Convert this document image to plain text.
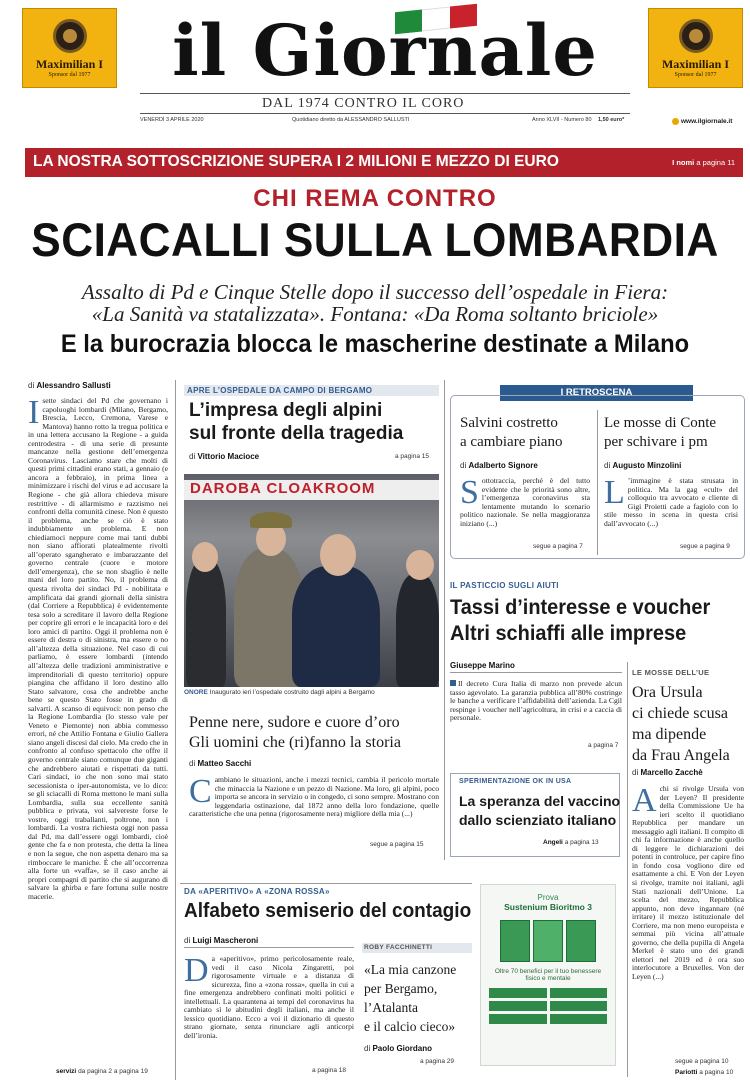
Maximilian I
Sponsor dal 1977
Maximilian I
Sponsor dal 1977
il Giornale
DAL 1974 CONTRO IL CORO
VENERDÌ 3 APRILE 2020	Quotidiano diretto da ALESSANDRO SALLUSTI	Anno XLVII - Numero 80 1,50 euro*	www.ilgiornale.it
LA NOSTRA SOTTOSCRIZIONE SUPERA I 2 MILIONI E MEZZO DI EURO	I nomi a pagina 11
CHI REMA CONTRO
SCIACALLI SULLA LOMBARDIA
Assalto di Pd e Cinque Stelle dopo il successo dell’ospedale in Fiera:
«La Sanità va statalizzata». Fontana: «Da Roma soltanto briciole»
E la burocrazia blocca le mascherine destinate a Milano
di Alessandro Sallusti
Isette sindaci del Pd che governano i capoluoghi lombardi (Milano, Bergamo, Brescia, Lecco, Cremona, Varese e Mantova) hanno rotto la tregua politica e in una lettera accusano la Regione - a guida centrodestra - di una serie di presunte mancanze nella gestione dell’emergenza Coronavirus. Lasciamo stare che molti di questi primi cittadini erano stati, a gennaio (e ancora a febbraio), in prima linea a minimizzare i rischi del virus e ad accusare la Regione - che già allora chiedeva misure restrittive - di allarmismo e razzismo nei confronti della comunità cinese. Non è questo il problema, anche se ciò è stato indubbiamente un problema. E non chiediamoci neppure come mai tanti dubbi non siano affiorati platealmente rivolti all’operato sgangherato e imbarazzante del governo centrale (cuore e motore dell’emergenza), che se non sbaglio è nelle mani del loro partito. No, il problema di questa rivolta dei sindaci Pd - nobilitata e amplificata dai grandi giornali della sinistra (dal Corriere a Repubblica) è evidentemente tesa solo a screditare il lavoro della Regione per coprire gli errori e le incapacità loro e dei loro amici di partito. Oggi il problema non è essere di destra o di sinistra, ma essere o no all’altezza della situazione. Nel caso di cui parliamo, è essere lombardi (intendo all’altezza delle tradizioni amministrative e imprenditoriali di questo territorio) oppure piangina che affidano il loro destino allo Stato salvatore, cosa che andrebbe anche bene se questo Stato fosse in grado di salvarti. A scanso di equivoci: non penso che la Regione Lombardia (lo stesso vale per Veneto e Piemonte) non abbia commesso errori, né che Attilio Fontana e Giulio Gallera siano angeli discesi dal cielo. Ma credo che in confronto al confuso spettacolo che offre il governo centrale siano comunque due giganti che andrebbero aiutati e rispettati da tutti. Cari sindaci, io che non sono mai stato secessionista o iper-autonomista, ve lo dico: se gli sciacalli di Roma mettono le mani sulla Lombardia, sulla sua eccellente sanità pubblica e privata, voi salvereste forse le vostre, oggi traballanti, poltrone, non i lombardi. La vostra richiesta oggi non passa dal Pd, ma dall’essere oggi lombardi, cioè gente che fa e non protesta, che detta la linea e non la segue, che non aspetta denaro ma sa rimboccare le maniche. È che all’occorrenza alla forte un «vaffa», se il caso anche ai propri compagni di partito che si augurano di salvare la ghirba e fare fortuna sulle nostre macerie.
servizi da pagina 2 a pagina 19
APRE L’OSPEDALE DA CAMPO DI BERGAMO
L’impresa degli alpini
sul fronte della tragedia
di Vittorio Macioce	a pagina 15
DAROBA CLOAKROOM
ONORE Inaugurato ieri l’ospedale costruito dagli alpini a Bergamo
Penne nere, sudore e cuore d’oro
Gli uomini che (ri)fanno la storia
di Matteo Sacchi
Cambiano le situazioni, anche i mezzi tecnici, cambia il pericolo mortale che minaccia la Nazione e un pezzo di Nazione. Ma loro, gli alpini, poco importa se ancora in servizio o in congedo, ci sono sempre. Mostrano con leggendaria ostinazione, dal 1872 anno della loro fondazione, quelle caratteristiche che una penna (rigorosamente nera) migliore della mia (...)
segue a pagina 15
I RETROSCENA
Salvini costretto
a cambiare piano
di Adalberto Signore
Sottotraccia, perché è del tutto evidente che le priorità sono altre, l’emergenza coronavirus sta lentamente mutando lo scenario politico nazionale. Se nella maggioranza iniziano (...)
segue a pagina 7
Le mosse di Conte
per schivare i pm
di Augusto Minzolini
L ’immagine è stata strusata in politica. Ma la gag «cult» del colloquio tra avvocato e cliente di Gigi Proietti cade a fagiolo con lo stile messo in scena in questa crisi dall’avvocato (...)
segue a pagina 9
IL PASTICCIO SUGLI AIUTI
Tassi d’interesse e voucher
Altri schiaffi alle imprese
Giuseppe Marino
Il decreto Cura Italia di marzo non prevede alcun tasso agevolato. La garanzia pubblica all’80% costringe le banche a verificare l’affidabilità dell’azienda. La Cgil respinge i voucher nell’agricoltura, in crisi e a caccia di personale.
a pagina 7
SPERIMENTAZIONE OK IN USA
La speranza del vaccino
dallo scienziato italiano
Angeli a pagina 13
LE MOSSE DELL’UE
Ora Ursula
ci chiede scusa
ma dipende
da Frau Angela
di Marcello Zacchè
Achi si rivolge Ursula von der Leyen? Il presidente della Commissione Ue ha ieri scelto il quotidiano Repubblica per mandare un messaggio agli italiani. Il compito di chi fa informazione è anche quello di leggere le dichiarazioni dei potenti in controluce, per capire fino in fondo cosa vogliono dire ed esattamente a chi. E Von der Leyen si rivolge, tramite noi italiani, agli Stati nazionali dell’Unione. La scelta del mezzo, Repubblica appunto, non deve ingannare (né irritare) il mezzo istituzionale del Corriere, ma non meno europeista e semmai più vicina all’attuale governo, che della pupilla di Angela Merkel è stato uno dei grandi elettori nel 2019 ed è ora suo interlocutore a Bruxelles. Von der Leyen (...)
segue a pagina 10
Pariotti a pagina 10
DA «APERITIVO» A «ZONA ROSSA»
Alfabeto semiserio del contagio
di Luigi Mascheroni
Da «aperitivo», primo pericolosamente reale, vedi il caso Nicola Zingaretti, poi rigorosamente virtuale e a distanza di sicurezza, fino a «zona rossa», quella in cui a fine emergenza andrebbero confinati molti politici e intellettuali. La quarantena ai tempi del coronavirus ha cambiato sì le abitudini degli italiani, ma anche il lessico quotidiano. Ecco a voi il dizionario di questo strano giornate, senza rinunciare agli anticorpi dell’ironia.
a pagina 18
ROBY FACCHINETTI
«La mia canzone
per Bergamo,
l’Atalanta
e il calcio cieco»
di Paolo Giordano
a pagina 29
Prova
Sustenium Bioritmo 3
Oltre 70 benefici per il tuo benessere fisico e mentale
